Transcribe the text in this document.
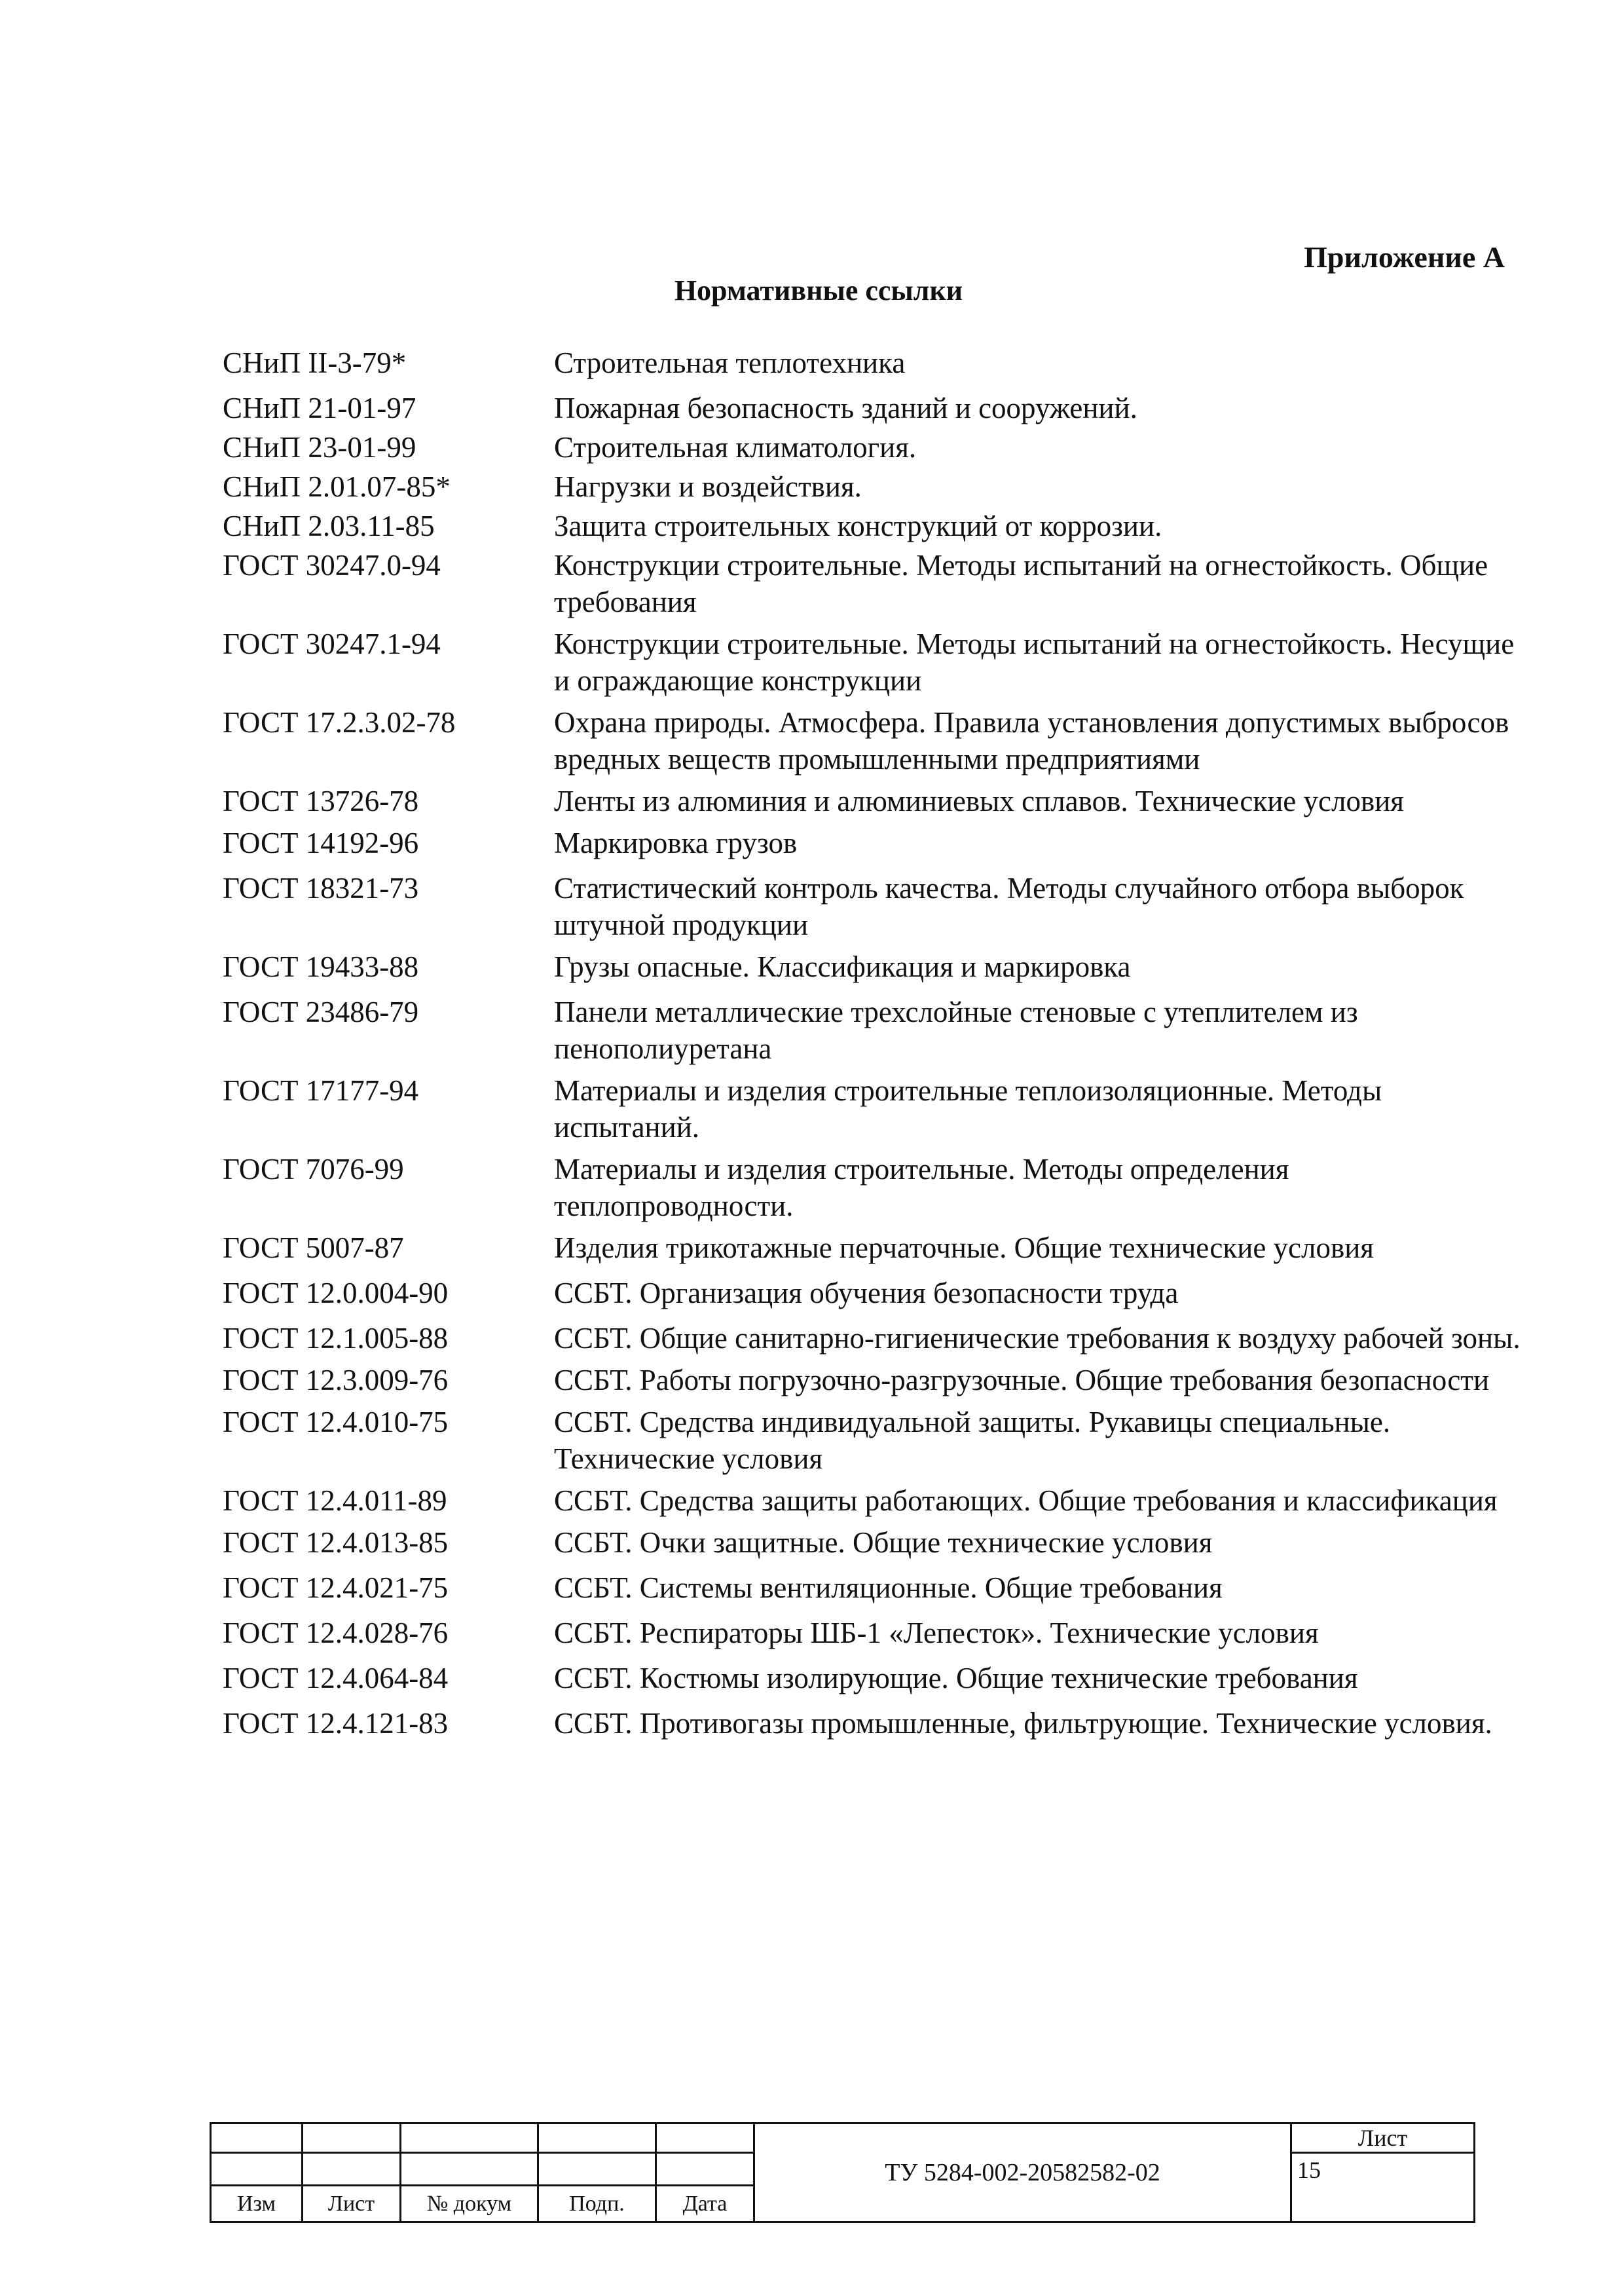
Приложение А
Нормативные ссылки
СНиП II-3-79*	Строительная теплотехника
СНиП 21-01-97	Пожарная безопасность зданий и сооружений.
СНиП 23-01-99	Строительная климатология.
СНиП 2.01.07-85*	Нагрузки и воздействия.
СНиП 2.03.11-85	Защита строительных конструкций от коррозии.
ГОСТ 30247.0-94	Конструкции строительные. Методы испытаний на огнестойкость. Общие требования
ГОСТ 30247.1-94	Конструкции строительные. Методы испытаний на огнестойкость. Несущие и ограждающие конструкции
ГОСТ 17.2.3.02-78	Охрана природы. Атмосфера. Правила установления допустимых выбросов вредных веществ промышленными предприятиями
ГОСТ 13726-78	Ленты из алюминия и алюминиевых сплавов. Технические условия
ГОСТ 14192-96	Маркировка грузов
ГОСТ 18321-73	Статистический контроль качества. Методы случайного отбора выборок штучной продукции
ГОСТ 19433-88	Грузы опасные. Классификация и маркировка
ГОСТ 23486-79	Панели металлические трехслойные стеновые с утеплителем из пенополиуретана
ГОСТ 17177-94	Материалы и изделия строительные теплоизоляционные. Методы испытаний.
ГОСТ 7076-99	Материалы и изделия строительные. Методы определения теплопроводности.
ГОСТ 5007-87	Изделия трикотажные перчаточные. Общие технические условия
ГОСТ 12.0.004-90	ССБТ. Организация обучения безопасности труда
ГОСТ 12.1.005-88	ССБТ. Общие санитарно-гигиенические требования к воздуху рабочей зоны.
ГОСТ 12.3.009-76	ССБТ. Работы погрузочно-разгрузочные. Общие требования безопасности
ГОСТ 12.4.010-75	ССБТ. Средства индивидуальной защиты. Рукавицы специальные. Технические условия
ГОСТ 12.4.011-89	ССБТ. Средства защиты работающих. Общие требования и классификация
ГОСТ 12.4.013-85	ССБТ. Очки защитные. Общие технические условия
ГОСТ 12.4.021-75	ССБТ. Системы вентиляционные. Общие требования
ГОСТ 12.4.028-76	ССБТ. Респираторы ШБ-1 «Лепесток». Технические условия
ГОСТ 12.4.064-84	ССБТ. Костюмы изолирующие. Общие технические требования
ГОСТ 12.4.121-83	ССБТ. Противогазы промышленные, фильтрующие. Технические условия.
					ТУ 5284-002-20582582-02	Лист
						15
Изм	Лист	№ докум	Подп.	Дата		
